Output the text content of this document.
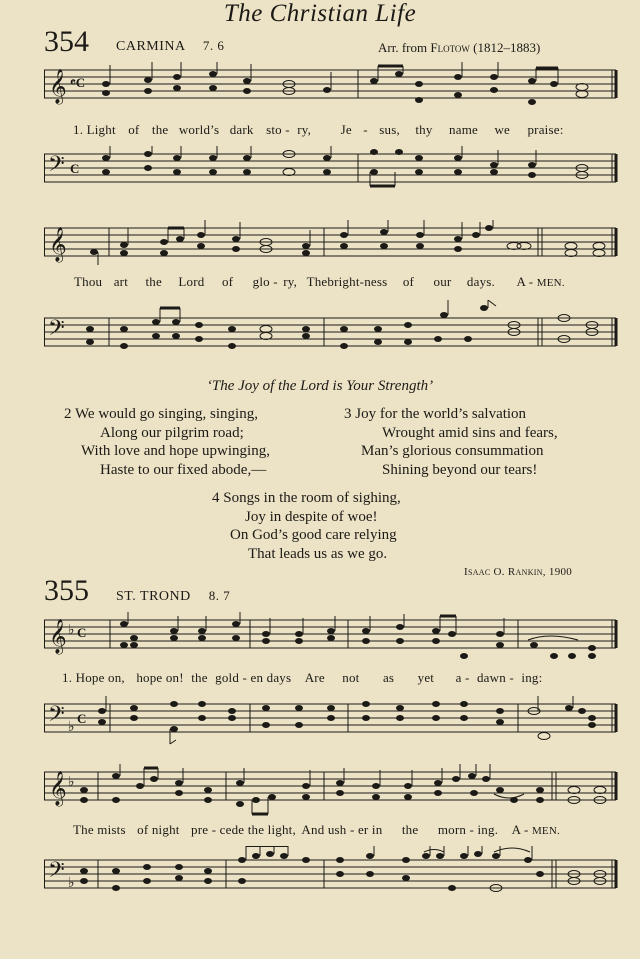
The Christian Life
354 CARMINA 7. 6	Arr. from Flotow (1812–1883)
𝄞 𝄴C
1. Light of the world’s dark sto - ry, Je - sus, thy name we praise:
𝄢 C
𝄞
Thou art the Lord of glo - ry, Thebright-ness of our days. A - MEN.
𝄢
‘The Joy of the Lord is Your Strength’
2 We would go singing, singing,
Along our pilgrim road;
With love and hope upwinging,
Haste to our fixed abode,—
3 Joy for the world’s salvation
Wrought amid sins and fears,
Man’s glorious consummation
Shining beyond our tears!
4 Songs in the room of sighing,
Joy in despite of woe!
On God’s good care relying
That leads us as we go.
Isaac O. Rankin, 1900
355 ST. TROND 8. 7
𝄞 ♭ C
1. Hope on, hope on! the gold - en days Are not as yet a - dawn - ing:
𝄢 ♭
C
𝄞 ♭
The mists of night pre - cede the light, And ush - er in the morn - ing. A - MEN.
𝄢 ♭
